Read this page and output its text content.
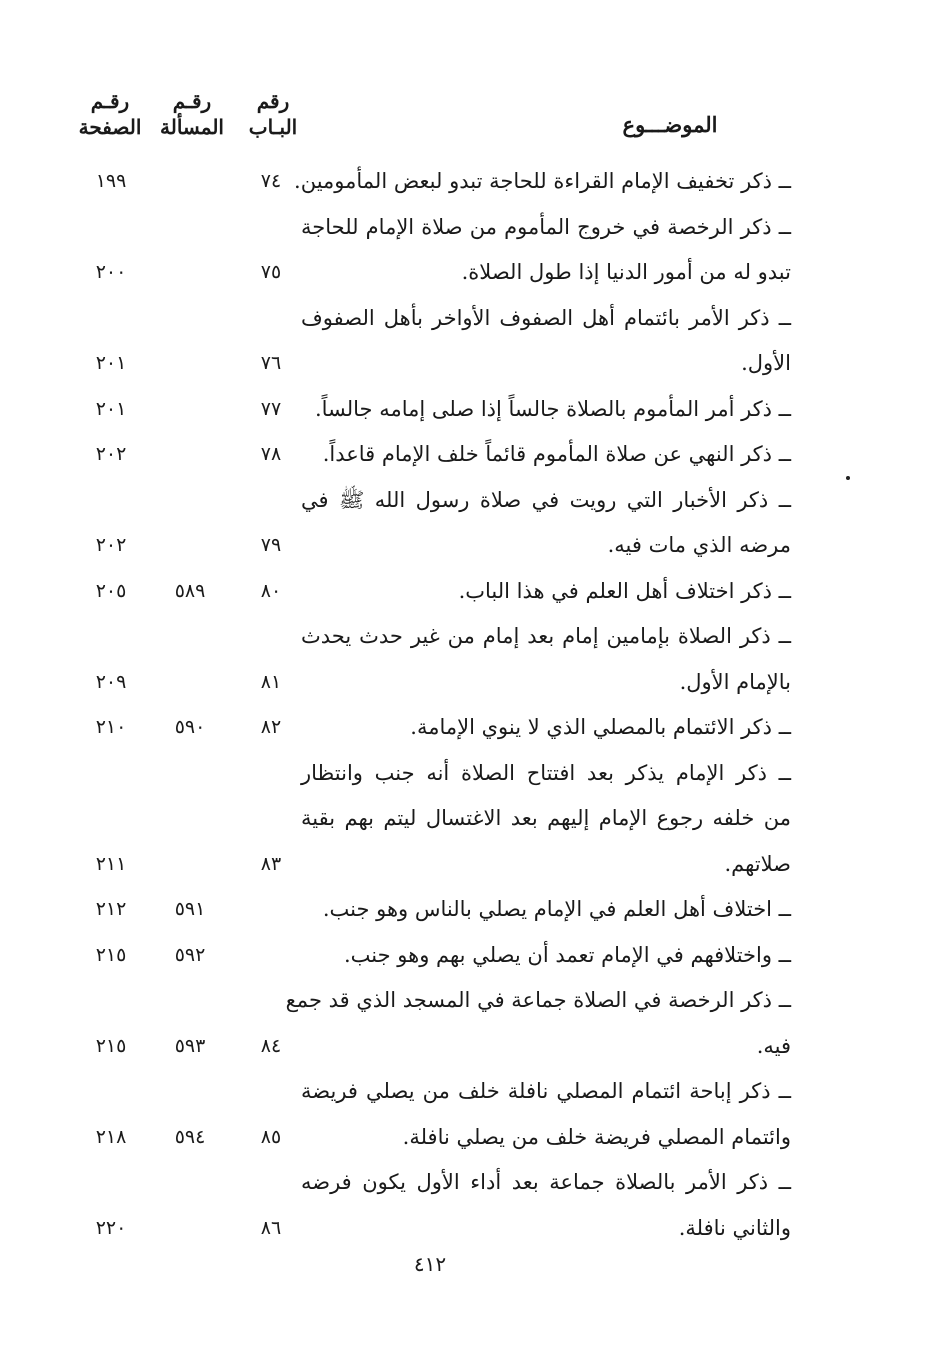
الموضـــوع
رقم
البـاب
رقـم
المسألة
رقـم
الصفحة
ــ ذكر تخفيف الإمام القراءة للحاجة تبدو لبعض المأمومين.
٧٤
١٩٩
ــ ذكر الرخصة في خروج المأموم من صلاة الإمام للحاجة
تبدو له من أمور الدنيا إذا طول الصلاة.
٧٥
٢٠٠
ــ ذكر الأمر بائتمام أهل الصفوف الأواخر بأهل الصفوف
الأول.
٧٦
٢٠١
ــ ذكر أمر المأموم بالصلاة جالساً إذا صلى إمامه جالساً.
٧٧
٢٠١
ــ ذكر النهي عن صلاة المأموم قائماً خلف الإمام قاعداً.
٧٨
٢٠٢
ــ ذكر الأخبار التي رويت في صلاة رسول الله ﷺ في
مرضه الذي مات فيه.
٧٩
٢٠٢
ــ ذكر اختلاف أهل العلم في هذا الباب.
٨٠
٥٨٩
٢٠٥
ــ ذكر الصلاة بإمامين إمام بعد إمام من غير حدث يحدث
بالإمام الأول.
٨١
٢٠٩
ــ ذكر الائتمام بالمصلي الذي لا ينوي الإمامة.
٨٢
٥٩٠
٢١٠
ــ ذكر الإمام يذكر بعد افتتاح الصلاة أنه جنب وانتظار
من خلفه رجوع الإمام إليهم بعد الاغتسال ليتم بهم بقية
صلاتهم.
٨٣
٢١١
ــ اختلاف أهل العلم في الإمام يصلي بالناس وهو جنب.
٥٩١
٢١٢
ــ واختلافهم في الإمام تعمد أن يصلي بهم وهو جنب.
٥٩٢
٢١٥
ــ ذكر الرخصة في الصلاة جماعة في المسجد الذي قد جمع
فيه.
٨٤
٥٩٣
٢١٥
ــ ذكر إباحة ائتمام المصلي نافلة خلف من يصلي فريضة
وائتمام المصلي فريضة خلف من يصلي نافلة.
٨٥
٥٩٤
٢١٨
ــ ذكر الأمر بالصلاة جماعة بعد أداء الأول يكون فرضه
والثاني نافلة.
٨٦
٢٢٠
٤١٢
